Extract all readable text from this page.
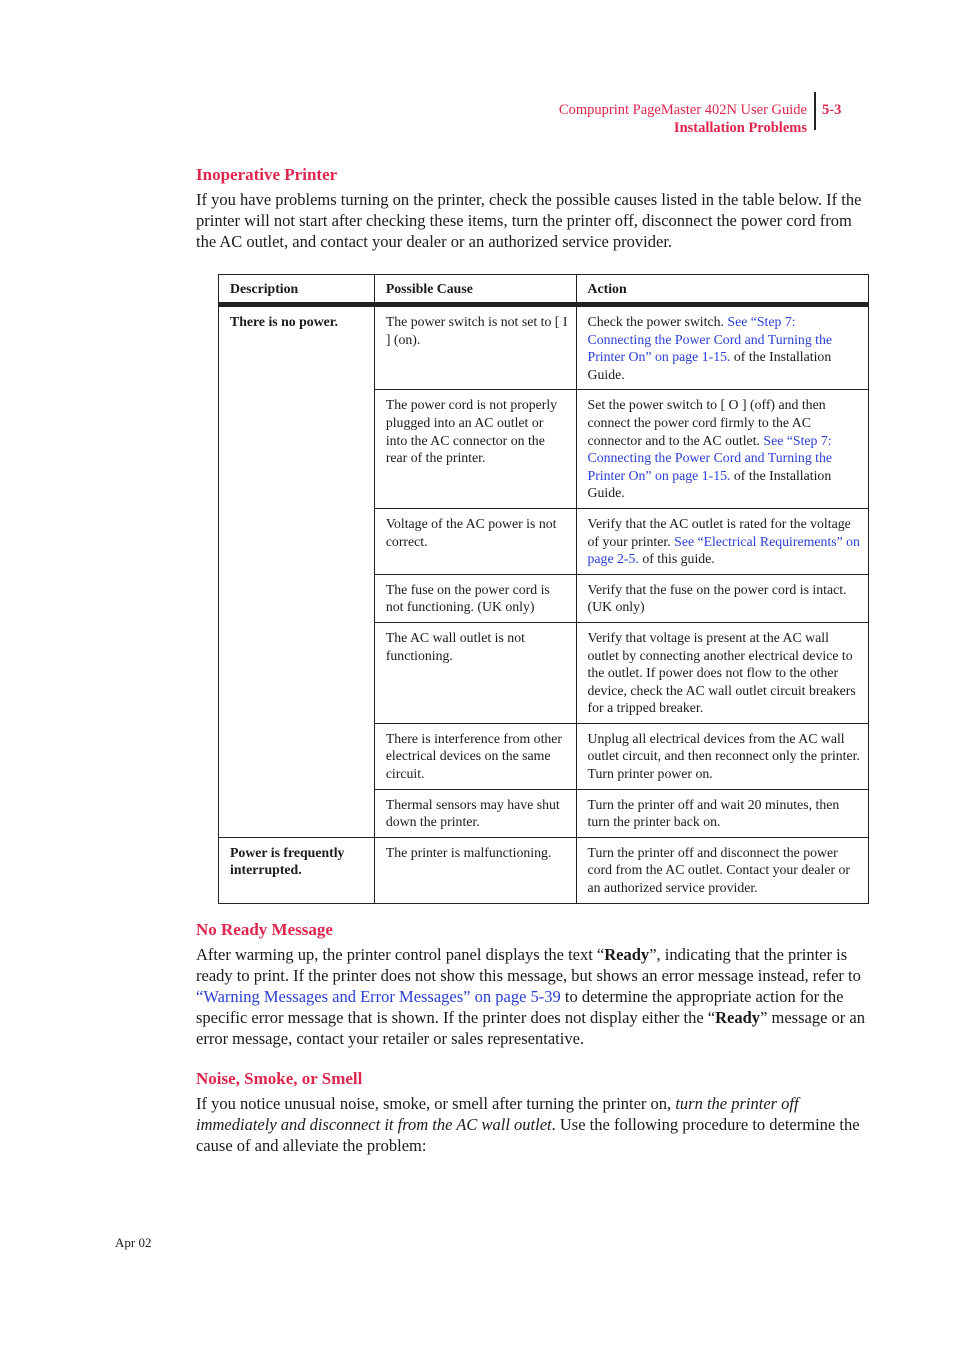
Compuprint PageMaster 402N User Guide
Installation Problems
5-3
Inoperative Printer

If you have problems turning on the printer, check the possible causes listed in the table below. If the printer will not start after checking these items, turn the printer off, disconnect the power cord from the AC outlet, and contact your dealer or an authorized service provider.

Description	Possible Cause	Action
There is no power.	The power switch is not set to [ I ] (on).	Check the power switch. See “Step 7: Connecting the Power Cord and Turning the Printer On” on page 1-15. of the Installation Guide.
	The power cord is not properly plugged into an AC outlet or into the AC connector on the rear of the printer.	Set the power switch to [ O ] (off) and then connect the power cord firmly to the AC connector and to the AC outlet. See “Step 7: Connecting the Power Cord and Turning the Printer On” on page 1-15. of the Installation Guide.
	Voltage of the AC power is not correct.	Verify that the AC outlet is rated for the voltage of your printer. See “Electrical Requirements” on page 2-5. of this guide.
	The fuse on the power cord is not functioning. (UK only)	Verify that the fuse on the power cord is intact. (UK only)
	The AC wall outlet is not functioning.	Verify that voltage is present at the AC wall outlet by connecting another electrical device to the outlet. If power does not flow to the other device, check the AC wall outlet circuit breakers for a tripped breaker.
	There is interference from other electrical devices on the same circuit.	Unplug all electrical devices from the AC wall outlet circuit, and then reconnect only the printer. Turn printer power on.
	Thermal sensors may have shut down the printer.	Turn the printer off and wait 20 minutes, then turn the printer back on.
Power is frequently interrupted.	The printer is malfunctioning.	Turn the printer off and disconnect the power cord from the AC outlet. Contact your dealer or an authorized service provider.
No Ready Message

After warming up, the printer control panel displays the text “Ready”, indicating that the printer is ready to print. If the printer does not show this message, but shows an error message instead, refer to “Warning Messages and Error Messages” on page 5-39 to determine the appropriate action for the specific error message that is shown. If the printer does not display either the “Ready” message or an error message, contact your retailer or sales representative.

Noise, Smoke, or Smell

If you notice unusual noise, smoke, or smell after turning the printer on, turn the printer off immediately and disconnect it from the AC wall outlet. Use the following procedure to determine the cause of and alleviate the problem:

Apr 02
